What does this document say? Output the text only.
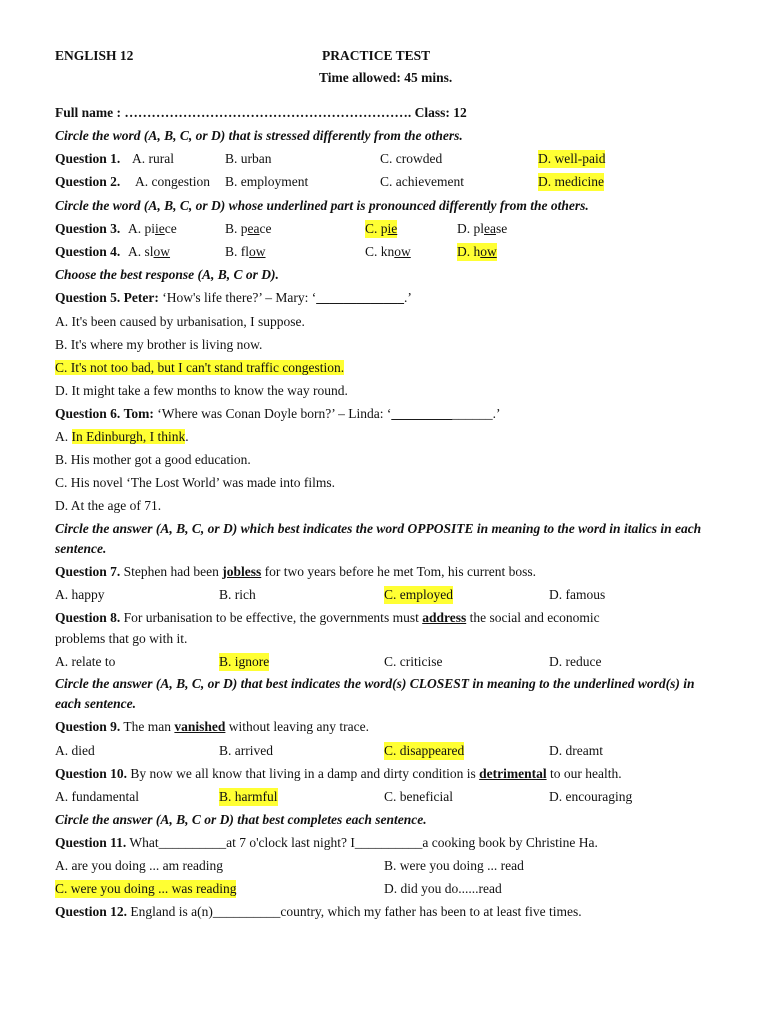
ENGLISH 12	PRACTICE TEST
Time allowed: 45 mins.
Full name : ………………………………………………………. Class: 12
Circle the word (A, B, C, or D) that is stressed differently from the others.
Question 1. A. rural	B. urban	C. crowded	D. well-paid
Question 2. A. congestion B. employment	C. achievement	D. medicine
Circle the word (A, B, C, or D) whose underlined part is pronounced differently from the others.
Question 3. A. piiece	B. peace	C. pie	D. please
Question 4. A. slow	B. flow	C. know	D. how
Choose the best response (A, B, C or D).
Question 5. Peter: ‘How's life there?’ – Mary: ‘_____________.’
A. It's been caused by urbanisation, I suppose.
B. It's where my brother is living now.
C. It's not too bad, but I can't stand traffic congestion.
D. It might take a few months to know the way round.
Question 6. Tom: ‘Where was Conan Doyle born?’ – Linda: ‘_______________.’
A. In Edinburgh, I think.
B. His mother got a good education.
C. His novel ‘The Lost World’ was made into films.
D. At the age of 71.
Circle the answer (A, B, C, or D) which best indicates the word OPPOSITE in meaning to the word in italics in each sentence.
Question 7. Stephen had been jobless for two years before he met Tom, his current boss.
A. happy	B. rich	C. employed	D. famous
Question 8. For urbanisation to be effective, the governments must address the social and economic
problems that go with it.
A. relate to	B. ignore	C. criticise	D. reduce
Circle the answer (A, B, C, or D) that best indicates the word(s) CLOSEST in meaning to the underlined word(s) in each sentence.
Question 9. The man vanished without leaving any trace.
A. died	B. arrived	C. disappeared	D. dreamt
Question 10. By now we all know that living in a damp and dirty condition is detrimental to our health.
A. fundamental	B. harmful	C. beneficial	D. encouraging
Circle the answer (A, B, C or D) that best completes each sentence.
Question 11. What__________at 7 o'clock last night? I__________a cooking book by Christine Ha.
A. are you doing ... am reading	B. were you doing ... read
C. were you doing ... was reading	D. did you do......read
Question 12. England is a(n)__________country, which my father has been to at least five times.
